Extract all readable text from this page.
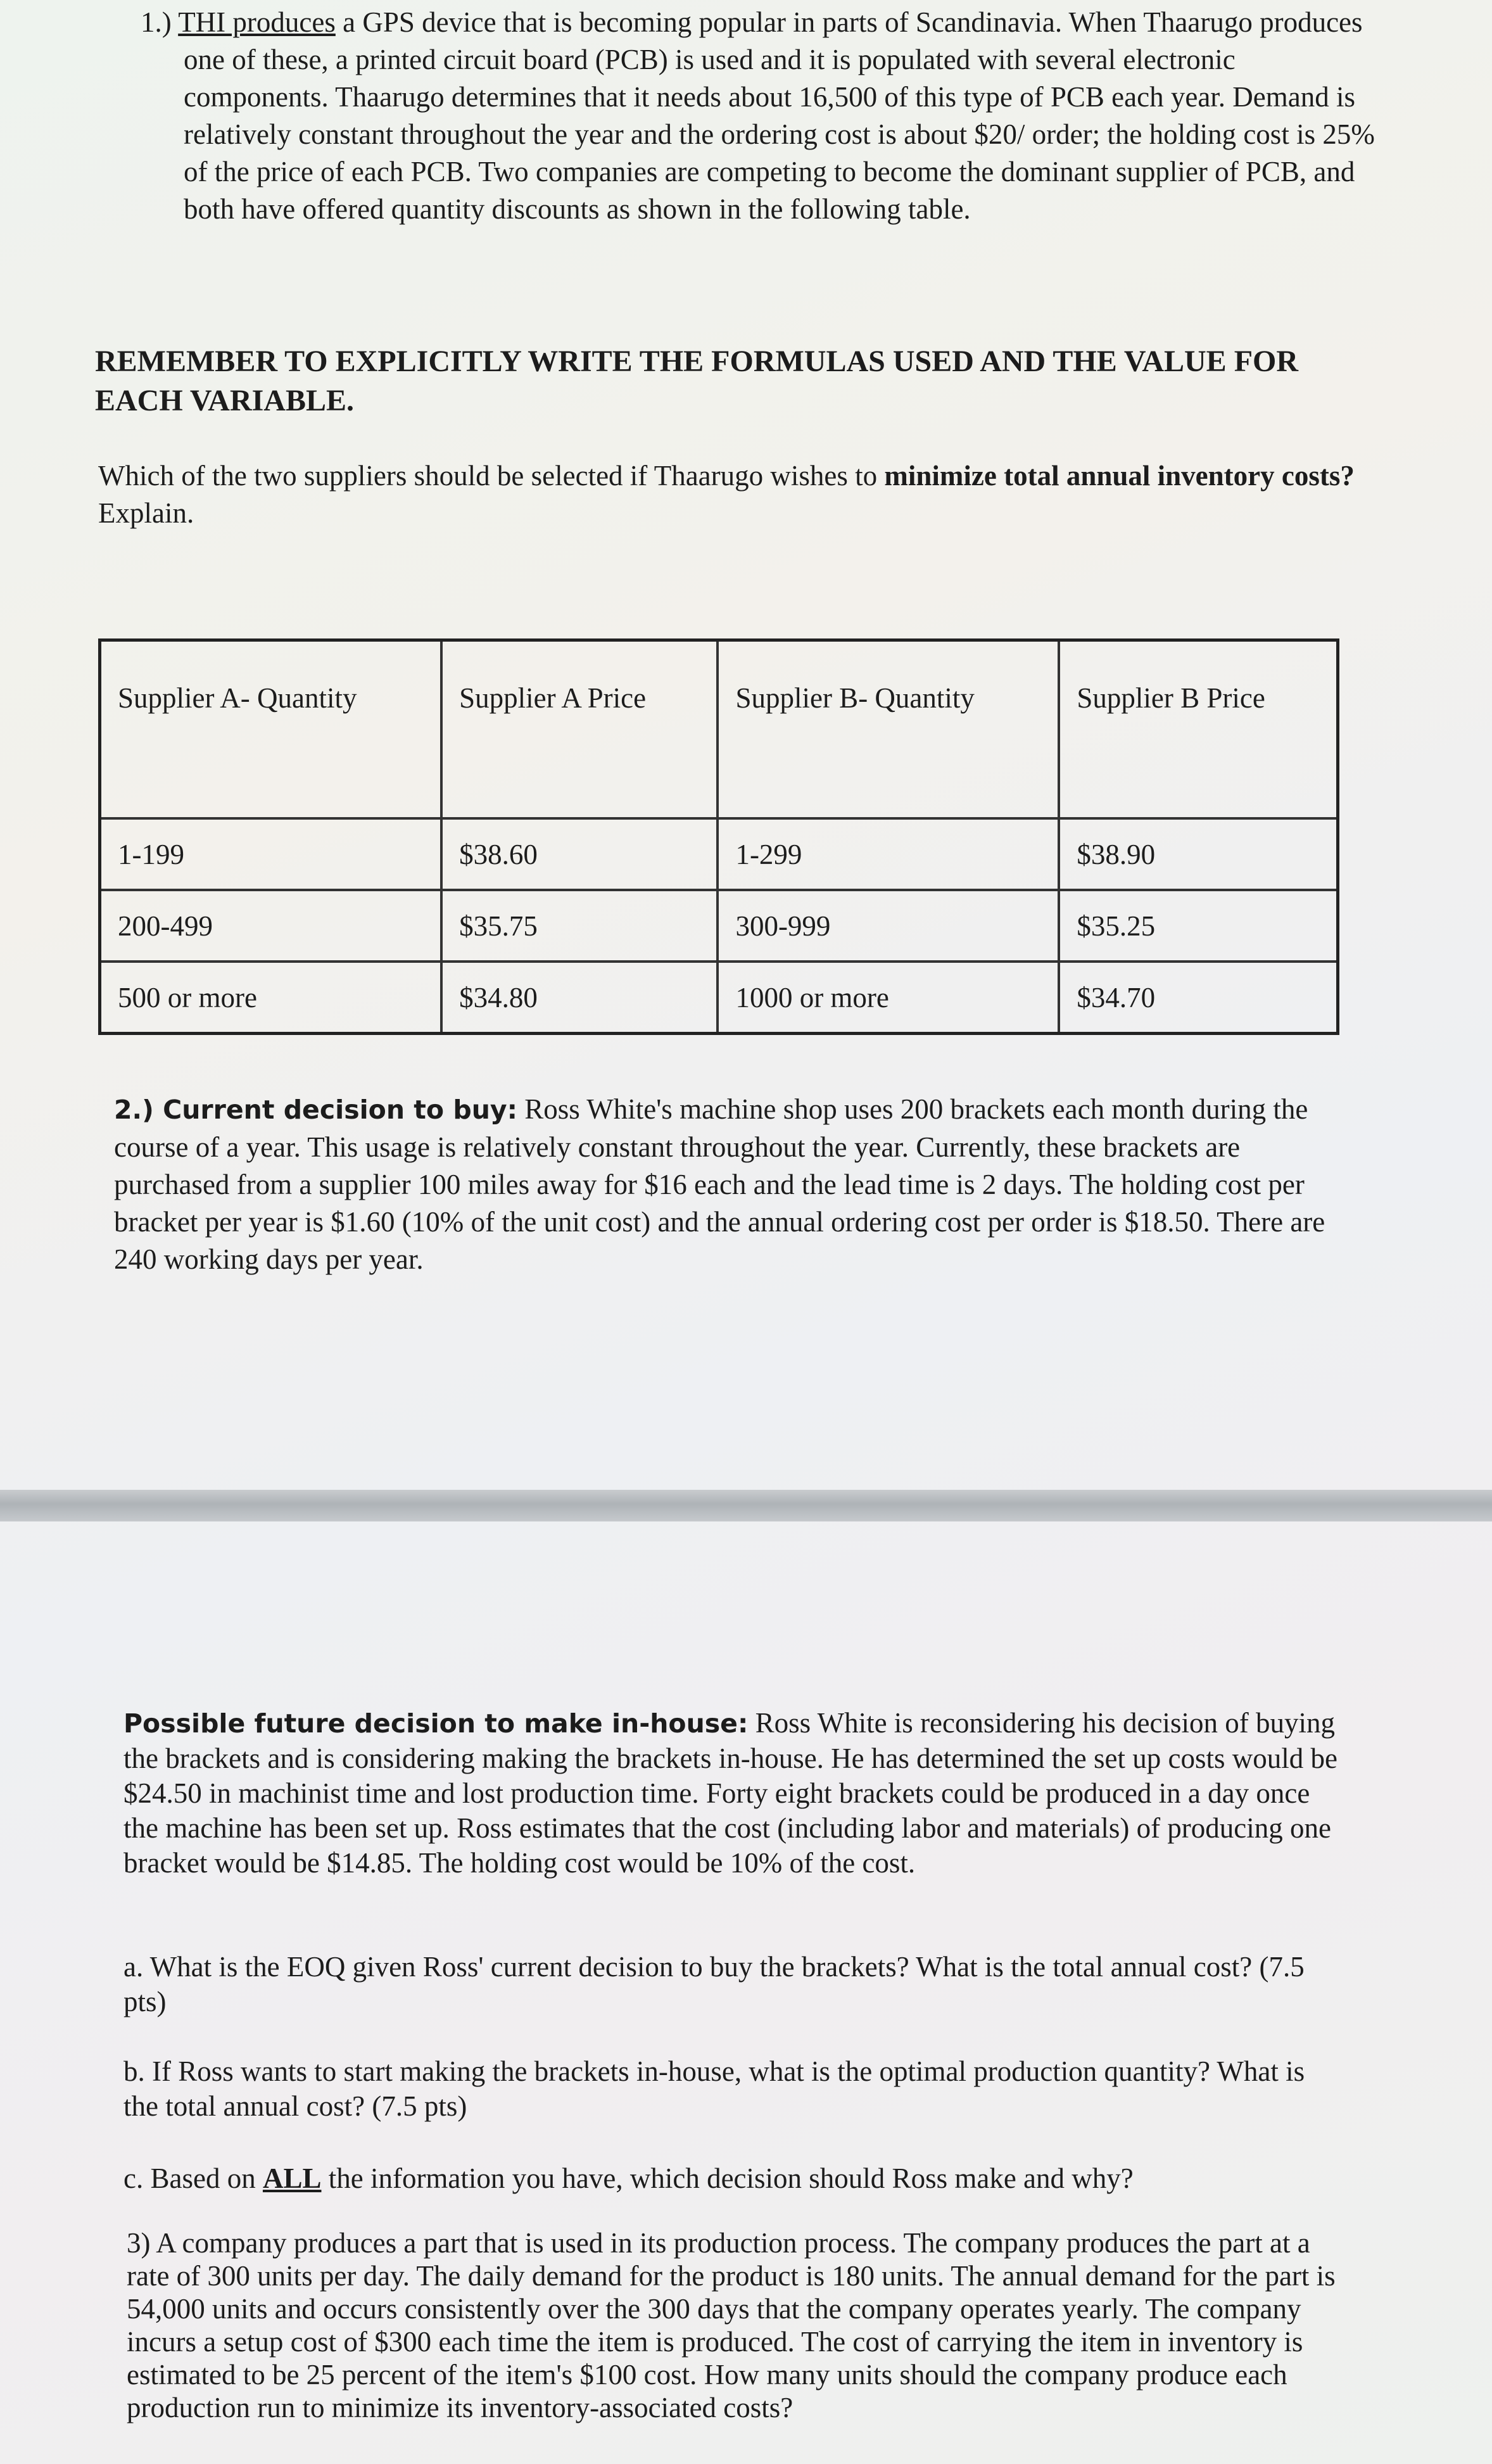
1.) THI produces a GPS device that is becoming popular in parts of Scandinavia. When Thaarugo produces one of these, a printed circuit board (PCB) is used and it is populated with several electronic components. Thaarugo determines that it needs about 16,500 of this type of PCB each year. Demand is relatively constant throughout the year and the ordering cost is about $20/ order; the holding cost is 25% of the price of each PCB. Two companies are competing to become the dominant supplier of PCB, and both have offered quantity discounts as shown in the following table.

REMEMBER TO EXPLICITLY WRITE THE FORMULAS USED AND THE VALUE FOR EACH VARIABLE.

Which of the two suppliers should be selected if Thaarugo wishes to minimize total annual inventory costs? Explain.

Supplier A- Quantity	Supplier A Price	Supplier B- Quantity	Supplier B Price
1-199	$38.60	1-299	$38.90
200-499	$35.75	300-999	$35.25
500 or more	$34.80	1000 or more	$34.70

2.) Current decision to buy: Ross White's machine shop uses 200 brackets each month during the course of a year. This usage is relatively constant throughout the year. Currently, these brackets are purchased from a supplier 100 miles away for $16 each and the lead time is 2 days. The holding cost per bracket per year is $1.60 (10% of the unit cost) and the annual ordering cost per order is $18.50. There are 240 working days per year.

Possible future decision to make in-house: Ross White is reconsidering his decision of buying the brackets and is considering making the brackets in-house. He has determined the set up costs would be $24.50 in machinist time and lost production time. Forty eight brackets could be produced in a day once the machine has been set up. Ross estimates that the cost (including labor and materials) of producing one bracket would be $14.85. The holding cost would be 10% of the cost.

a. What is the EOQ given Ross' current decision to buy the brackets? What is the total annual cost? (7.5 pts)

b. If Ross wants to start making the brackets in-house, what is the optimal production quantity? What is the total annual cost? (7.5 pts)

c. Based on ALL the information you have, which decision should Ross make and why?

3) A company produces a part that is used in its production process. The company produces the part at a rate of 300 units per day. The daily demand for the product is 180 units. The annual demand for the part is 54,000 units and occurs consistently over the 300 days that the company operates yearly. The company incurs a setup cost of $300 each time the item is produced. The cost of carrying the item in inventory is estimated to be 25 percent of the item's $100 cost. How many units should the company produce each production run to minimize its inventory-associated costs?
